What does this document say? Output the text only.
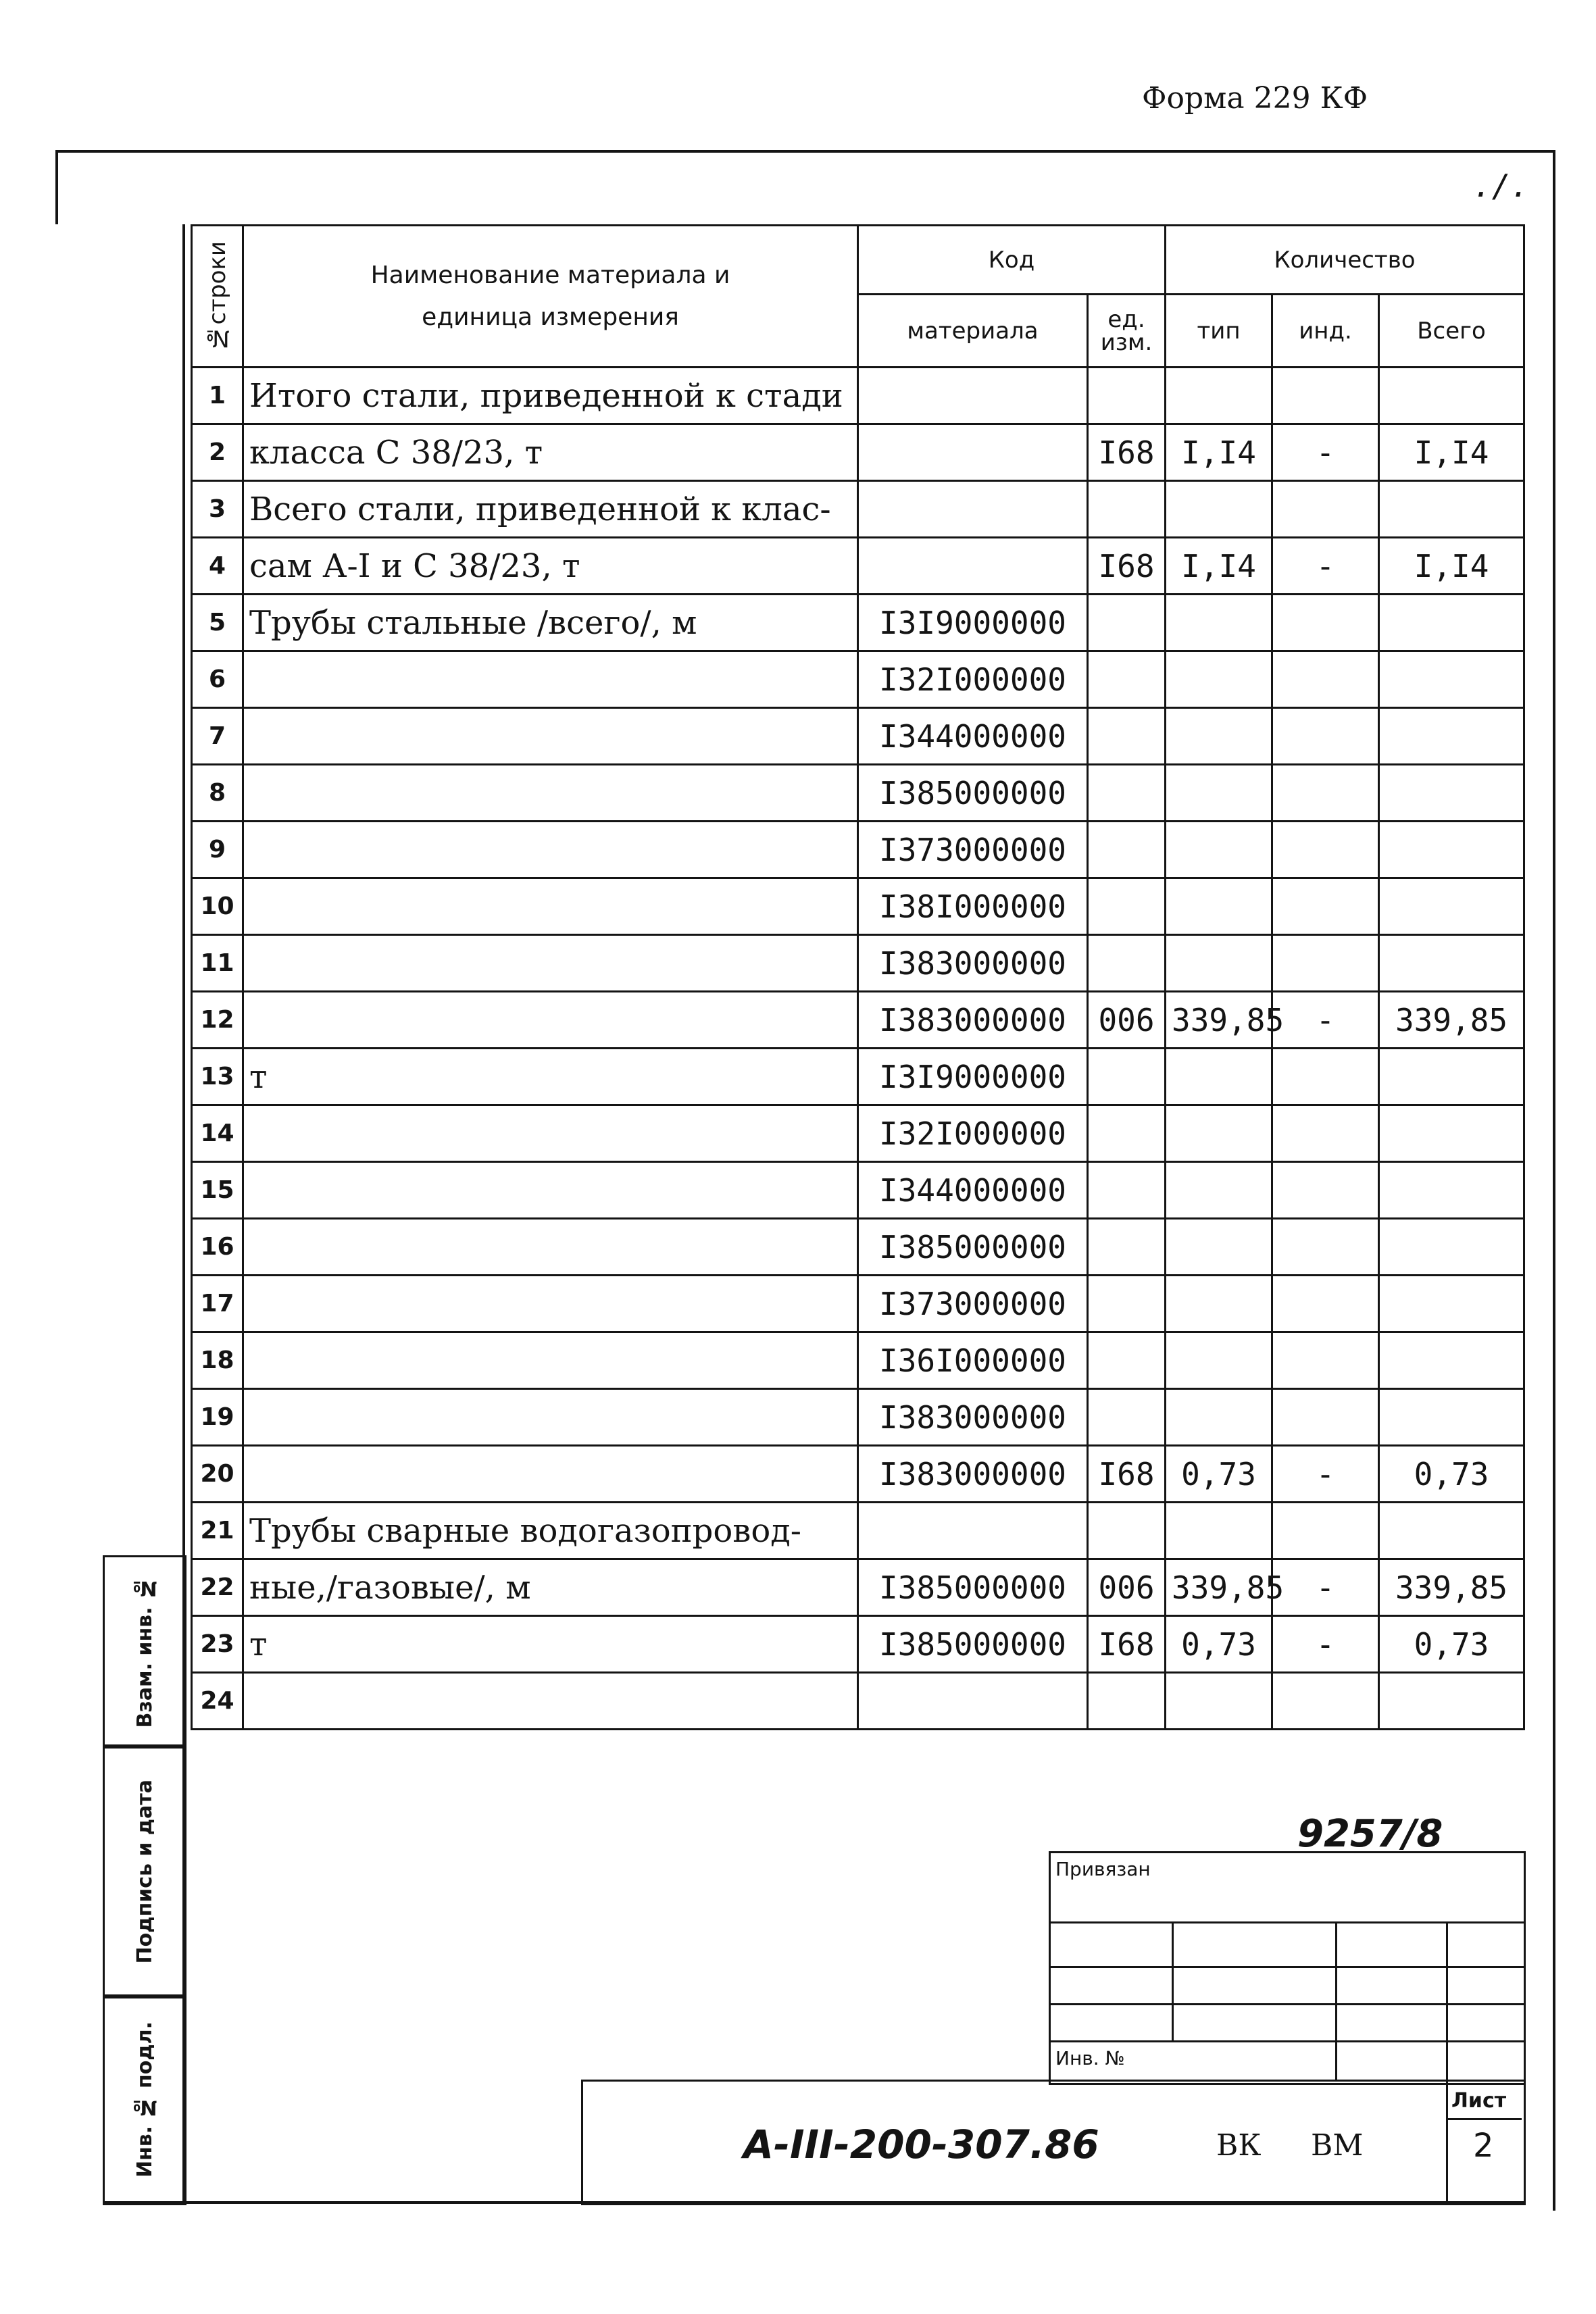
Форма 229 КФ
./.
№строки	Наименование материала и единица измерения	Код		Количество		
		материала	ед. изм.	тип	инд.	Всего
1	Итого стали, приведенной к стади					
2	класса С 38/23, т		I68	I,I4	-	I,I4
3	Всего стали, приведенной к клас-					
4	сам А-I и С 38/23, т		I68	I,I4	-	I,I4
5	Трубы стальные /всего/, м	I3I9000000				
6		I32I000000				
7		I344000000				
8		I385000000				
9		I373000000				
10		I38I000000				
11		I383000000				
12		I383000000	006	339,85	-	339,85
13	т	I3I9000000				
14		I32I000000				
15		I344000000				
16		I385000000				
17		I373000000				
18		I36I000000				
19		I383000000				
20		I383000000	I68	0,73	-	0,73
21	Трубы сварные водогазопровод-					
22	ные,/газовые/, м	I385000000	006	339,85	-	339,85
23	т	I385000000	I68	0,73	-	0,73
24						
Взам. инв. №
Подпись и дата
Инв. № подл.
9257/8
Привязан
Инв. №
А-III-200-307.86	ВК ВМ
Лист
2
